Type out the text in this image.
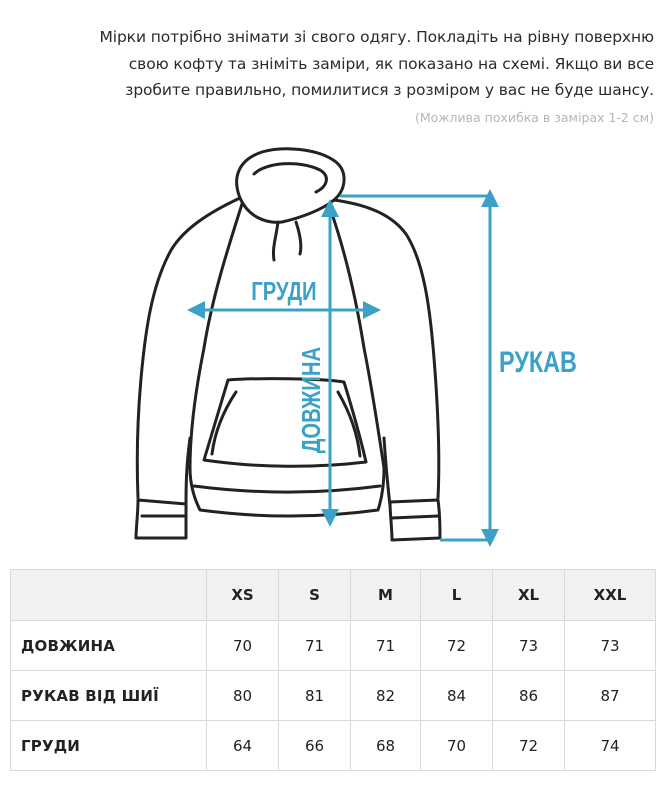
Мірки потрібно знімати зі свого одягу. Покладіть на рівну поверхню
свою кофту та зніміть заміри, як показано на схемі. Якщо ви все
зробите правильно, помилитися з розміром у вас не буде шансу.
(Можлива похибка в замірах 1-2 см)
ГРУДИ
ДОВЖИНА	РУКАВ
	XS	S	M	L	XL	XXL
ДОВЖИНА	70	71	71	72	73	73
РУКАВ ВІД ШИЇ	80	81	82	84	86	87
ГРУДИ	64	66	68	70	72	74
